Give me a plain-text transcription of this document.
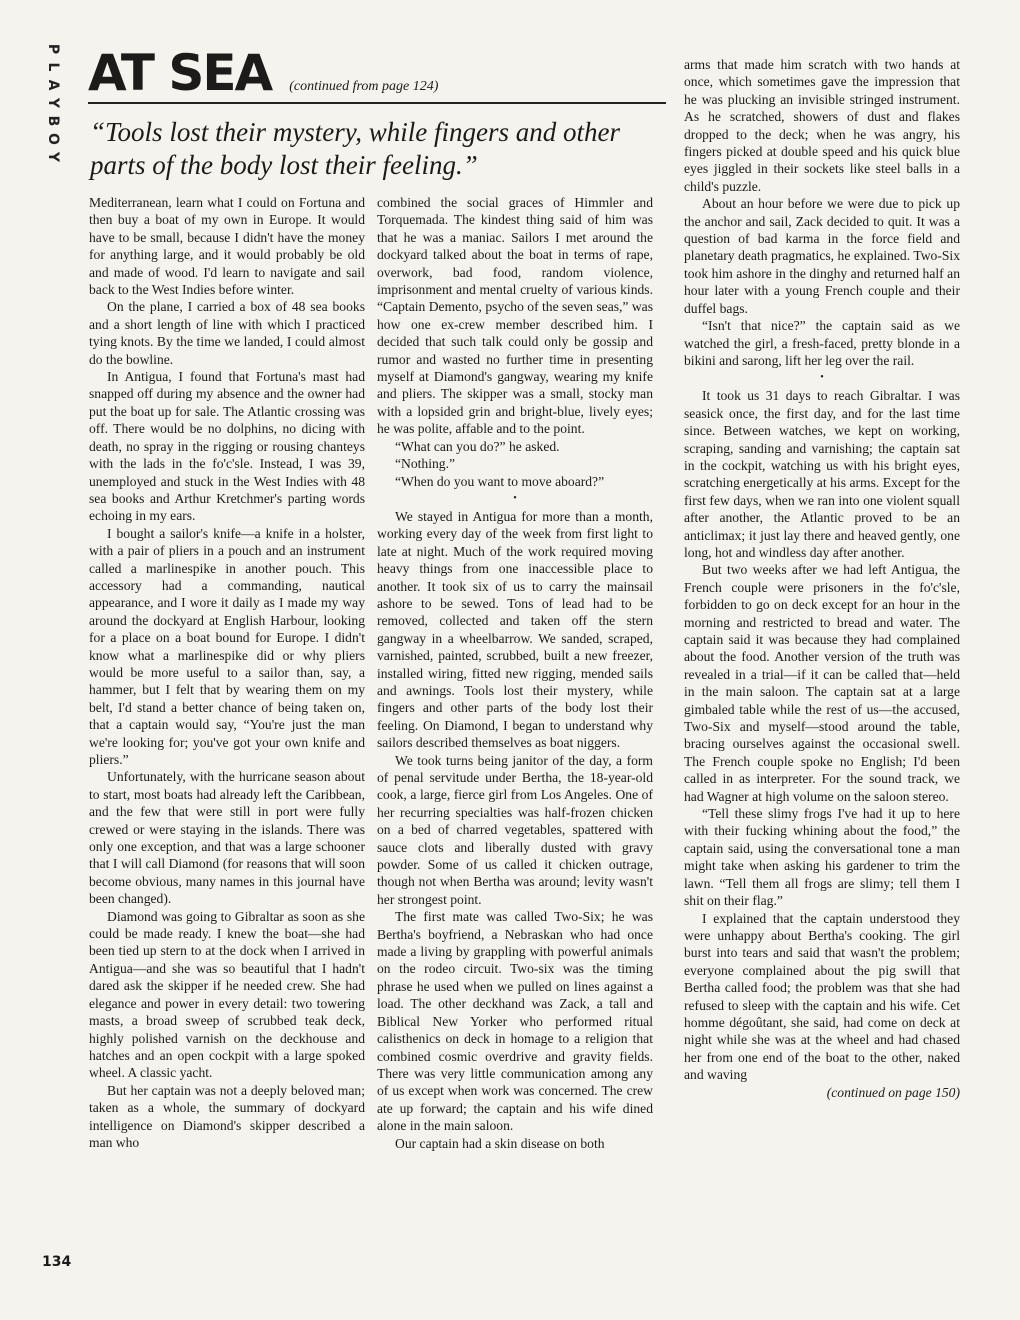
P
L
A
Y
B
O
Y
AT SEA (continued from page 124)
“Tools lost their mystery, while fingers and other parts of the body lost their feeling.”

Mediterranean, learn what I could on Fortuna and then buy a boat of my own in Europe. It would have to be small, because I didn't have the money for anything large, and it would probably be old and made of wood. I'd learn to navigate and sail back to the West Indies before winter.

On the plane, I carried a box of 48 sea books and a short length of line with which I practiced tying knots. By the time we landed, I could almost do the bowline.

In Antigua, I found that Fortuna's mast had snapped off during my absence and the owner had put the boat up for sale. The Atlantic crossing was off. There would be no dolphins, no dicing with death, no spray in the rigging or rousing chanteys with the lads in the fo'c'sle. Instead, I was 39, unemployed and stuck in the West Indies with 48 sea books and Arthur Kretchmer's parting words echoing in my ears.

I bought a sailor's knife—a knife in a holster, with a pair of pliers in a pouch and an instrument called a marlinespike in another pouch. This accessory had a commanding, nautical appearance, and I wore it daily as I made my way around the dockyard at English Harbour, looking for a place on a boat bound for Europe. I didn't know what a marlinespike did or why pliers would be more useful to a sailor than, say, a hammer, but I felt that by wearing them on my belt, I'd stand a better chance of being taken on, that a captain would say, “You're just the man we're looking for; you've got your own knife and pliers.”

Unfortunately, with the hurricane season about to start, most boats had already left the Caribbean, and the few that were still in port were fully crewed or were staying in the islands. There was only one exception, and that was a large schooner that I will call Diamond (for reasons that will soon become obvious, many names in this journal have been changed).

Diamond was going to Gibraltar as soon as she could be made ready. I knew the boat—she had been tied up stern to at the dock when I arrived in Antigua—and she was so beautiful that I hadn't dared ask the skipper if he needed crew. She had elegance and power in every detail: two towering masts, a broad sweep of scrubbed teak deck, highly polished varnish on the deckhouse and hatches and an open cockpit with a large spoked wheel. A classic yacht.

But her captain was not a deeply beloved man; taken as a whole, the summary of dockyard intelligence on Diamond's skipper described a man who

combined the social graces of Himmler and Torquemada. The kindest thing said of him was that he was a maniac. Sailors I met around the dockyard talked about the boat in terms of rape, overwork, bad food, random violence, imprisonment and mental cruelty of various kinds. “Captain Demento, psycho of the seven seas,” was how one ex-crew member described him. I decided that such talk could only be gossip and rumor and wasted no further time in presenting myself at Diamond's gangway, wearing my knife and pliers. The skipper was a small, stocky man with a lopsided grin and bright-blue, lively eyes; he was polite, affable and to the point.

“What can you do?” he asked.

“Nothing.”

“When do you want to move aboard?”

•

We stayed in Antigua for more than a month, working every day of the week from first light to late at night. Much of the work required moving heavy things from one inaccessible place to another. It took six of us to carry the mainsail ashore to be sewed. Tons of lead had to be removed, collected and taken off the stern gangway in a wheelbarrow. We sanded, scraped, varnished, painted, scrubbed, built a new freezer, installed wiring, fitted new rigging, mended sails and awnings. Tools lost their mystery, while fingers and other parts of the body lost their feeling. On Diamond, I began to understand why sailors described themselves as boat niggers.

We took turns being janitor of the day, a form of penal servitude under Bertha, the 18-year-old cook, a large, fierce girl from Los Angeles. One of her recurring specialties was half-frozen chicken on a bed of charred vegetables, spattered with sauce clots and liberally dusted with gravy powder. Some of us called it chicken outrage, though not when Bertha was around; levity wasn't her strongest point.

The first mate was called Two-Six; he was Bertha's boyfriend, a Nebraskan who had once made a living by grappling with powerful animals on the rodeo circuit. Two-six was the timing phrase he used when we pulled on lines against a load. The other deckhand was Zack, a tall and Biblical New Yorker who performed ritual calisthenics on deck in homage to a religion that combined cosmic overdrive and gravity fields. There was very little communication among any of us except when work was concerned. The crew ate up forward; the captain and his wife dined alone in the main saloon.

Our captain had a skin disease on both

arms that made him scratch with two hands at once, which sometimes gave the impression that he was plucking an invisible stringed instrument. As he scratched, showers of dust and flakes dropped to the deck; when he was angry, his fingers picked at double speed and his quick blue eyes jiggled in their sockets like steel balls in a child's puzzle.

About an hour before we were due to pick up the anchor and sail, Zack decided to quit. It was a question of bad karma in the force field and planetary death pragmatics, he explained. Two-Six took him ashore in the dinghy and returned half an hour later with a young French couple and their duffel bags.

“Isn't that nice?” the captain said as we watched the girl, a fresh-faced, pretty blonde in a bikini and sarong, lift her leg over the rail.

•

It took us 31 days to reach Gibraltar. I was seasick once, the first day, and for the last time since. Between watches, we kept on working, scraping, sanding and varnishing; the captain sat in the cockpit, watching us with his bright eyes, scratching energetically at his arms. Except for the first few days, when we ran into one violent squall after another, the Atlantic proved to be an anticlimax; it just lay there and heaved gently, one long, hot and windless day after another.

But two weeks after we had left Antigua, the French couple were prisoners in the fo'c'sle, forbidden to go on deck except for an hour in the morning and restricted to bread and water. The captain said it was because they had complained about the food. Another version of the truth was revealed in a trial—if it can be called that—held in the main saloon. The captain sat at a large gimbaled table while the rest of us—the accused, Two-Six and myself—stood around the table, bracing ourselves against the occasional swell. The French couple spoke no English; I'd been called in as interpreter. For the sound track, we had Wagner at high volume on the saloon stereo.

“Tell these slimy frogs I've had it up to here with their fucking whining about the food,” the captain said, using the conversational tone a man might take when asking his gardener to trim the lawn. “Tell them all frogs are slimy; tell them I shit on their flag.”

I explained that the captain understood they were unhappy about Bertha's cooking. The girl burst into tears and said that wasn't the problem; everyone complained about the pig swill that Bertha called food; the problem was that she had refused to sleep with the captain and his wife. Cet homme dégoûtant, she said, had come on deck at night while she was at the wheel and had chased her from one end of the boat to the other, naked and waving

(continued on page 150)
134
